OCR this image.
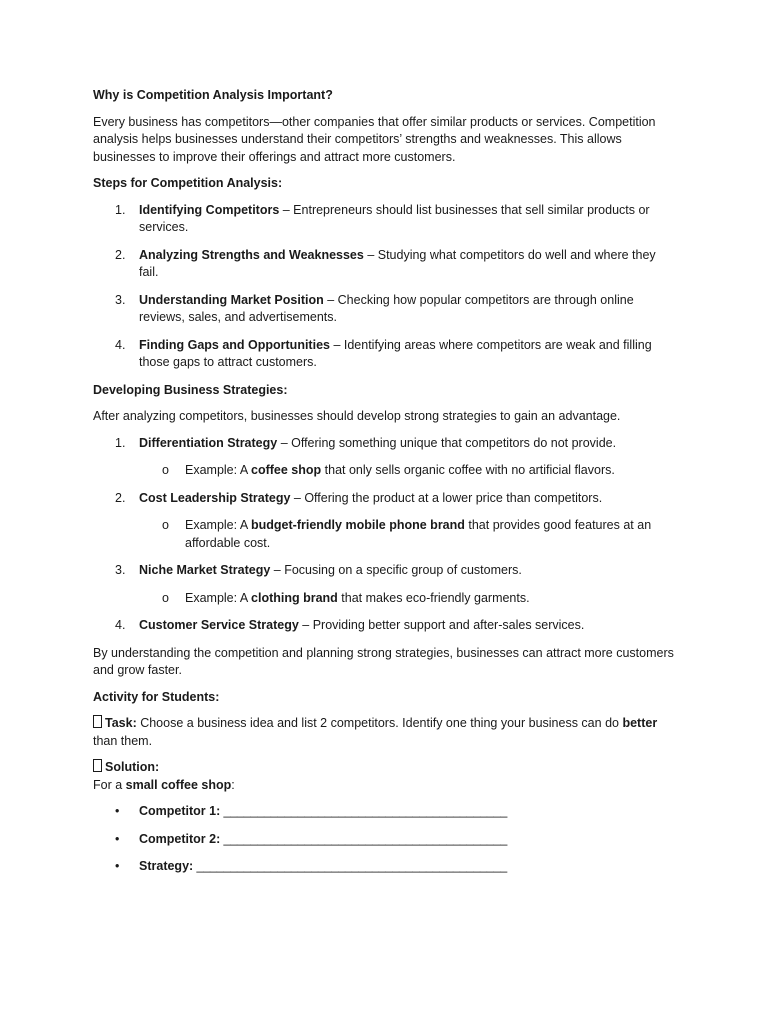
Why is Competition Analysis Important?

Every business has competitors—other companies that offer similar products or services. Competition analysis helps businesses understand their competitors’ strengths and weaknesses. This allows businesses to improve their offerings and attract more customers.

Steps for Competition Analysis:

1. Identifying Competitors – Entrepreneurs should list businesses that sell similar products or services.
2. Analyzing Strengths and Weaknesses – Studying what competitors do well and where they fail.
3. Understanding Market Position – Checking how popular competitors are through online reviews, sales, and advertisements.
4. Finding Gaps and Opportunities – Identifying areas where competitors are weak and filling those gaps to attract customers.

Developing Business Strategies:

After analyzing competitors, businesses should develop strong strategies to gain an advantage.

1. Differentiation Strategy – Offering something unique that competitors do not provide.
o Example: A coffee shop that only sells organic coffee with no artificial flavors.
2. Cost Leadership Strategy – Offering the product at a lower price than competitors.
o Example: A budget-friendly mobile phone brand that provides good features at an affordable cost.
3. Niche Market Strategy – Focusing on a specific group of customers.
o Example: A clothing brand that makes eco-friendly garments.
4. Customer Service Strategy – Providing better support and after-sales services.

By understanding the competition and planning strong strategies, businesses can attract more customers and grow faster.

Activity for Students:

Task: Choose a business idea and list 2 competitors. Identify one thing your business can do better than them.

Solution:
For a small coffee shop:

• Competitor 1: __________________________________________
• Competitor 2: __________________________________________
• Strategy: ______________________________________________
